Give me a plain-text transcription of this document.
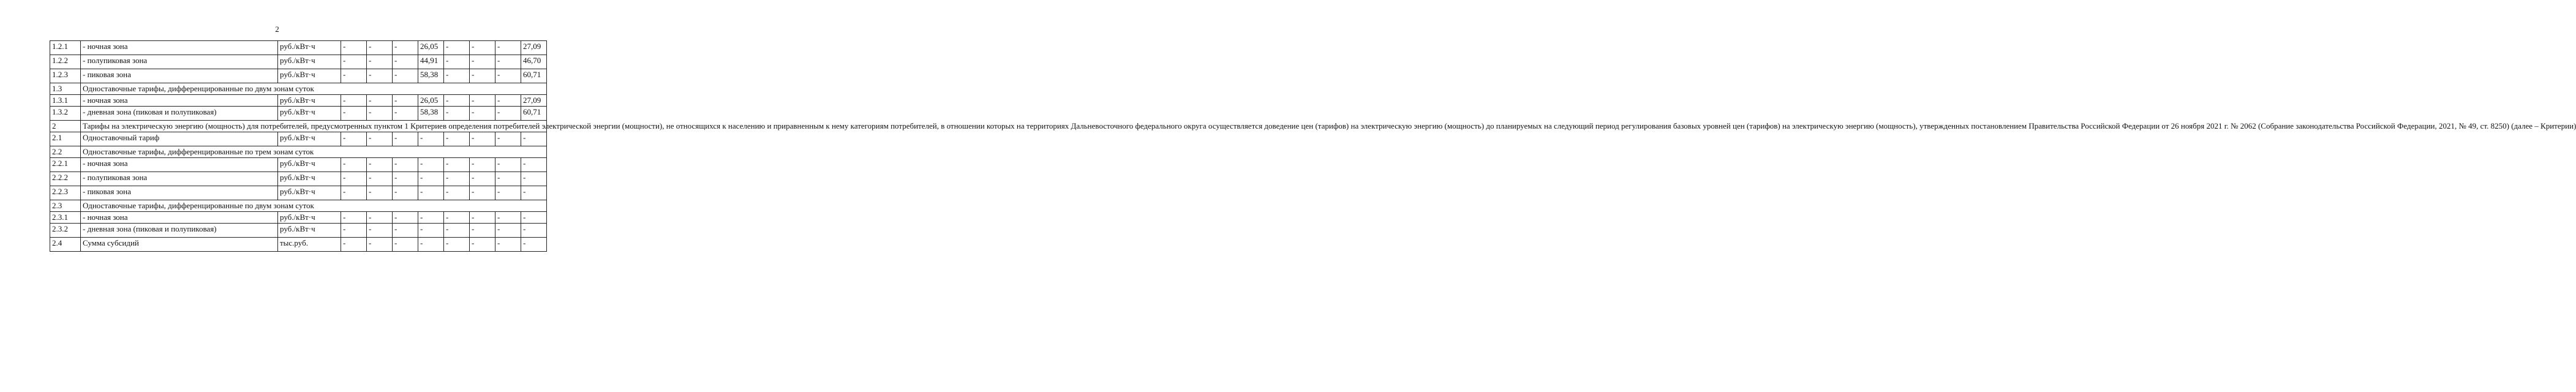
2
1.2.1	- ночная зона	руб./кВт·ч	-	-	-	26,05	-	-	-	27,09
1.2.2	- полупиковая зона	руб./кВт·ч	-	-	-	44,91	-	-	-	46,70
1.2.3	- пиковая зона	руб./кВт·ч	-	-	-	58,38	-	-	-	60,71
1.3	Одноставочные тарифы, дифференцированные по двум зонам суток									
1.3.1	- ночная зона	руб./кВт·ч	-	-	-	26,05	-	-	-	27,09
1.3.2	- дневная зона (пиковая и полупиковая)	руб./кВт·ч	-	-	-	58,38	-	-	-	60,71
2	Тарифы на электрическую энергию (мощность) для потребителей, предусмотренных пунктом 1 Критериев определения потребителей электрической энергии (мощности), не относящихся к населению и приравненным к нему категориям потребителей, в отношении которых на территориях Дальневосточного федерального округа осуществляется доведение цен (тарифов) на электрическую энергию (мощность) до планируемых на следующий период регулирования базовых уровней цен (тарифов) на электрическую энергию (мощность), утвержденных постановлением Правительства Российской Федерации от 26 ноября 2021 г. № 2062 (Собрание законодательства Российской Федерации, 2021, № 49, ст. 8250) (далее – Критерии)									
2.1	Одноставочный тариф	руб./кВт·ч	-	-	-	-	-	-	-	-
2.2	Одноставочные тарифы, дифференцированные по трем зонам суток									
2.2.1	- ночная зона	руб./кВт·ч	-	-	-	-	-	-	-	-
2.2.2	- полупиковая зона	руб./кВт·ч	-	-	-	-	-	-	-	-
2.2.3	- пиковая зона	руб./кВт·ч	-	-	-	-	-	-	-	-
2.3	Одноставочные тарифы, дифференцированные по двум зонам суток									
2.3.1	- ночная зона	руб./кВт·ч	-	-	-	-	-	-	-	-
2.3.2	- дневная зона (пиковая и полупиковая)	руб./кВт·ч	-	-	-	-	-	-	-	-
2.4	Сумма субсидий	тыс.руб.	-	-	-	-	-	-	-	-
